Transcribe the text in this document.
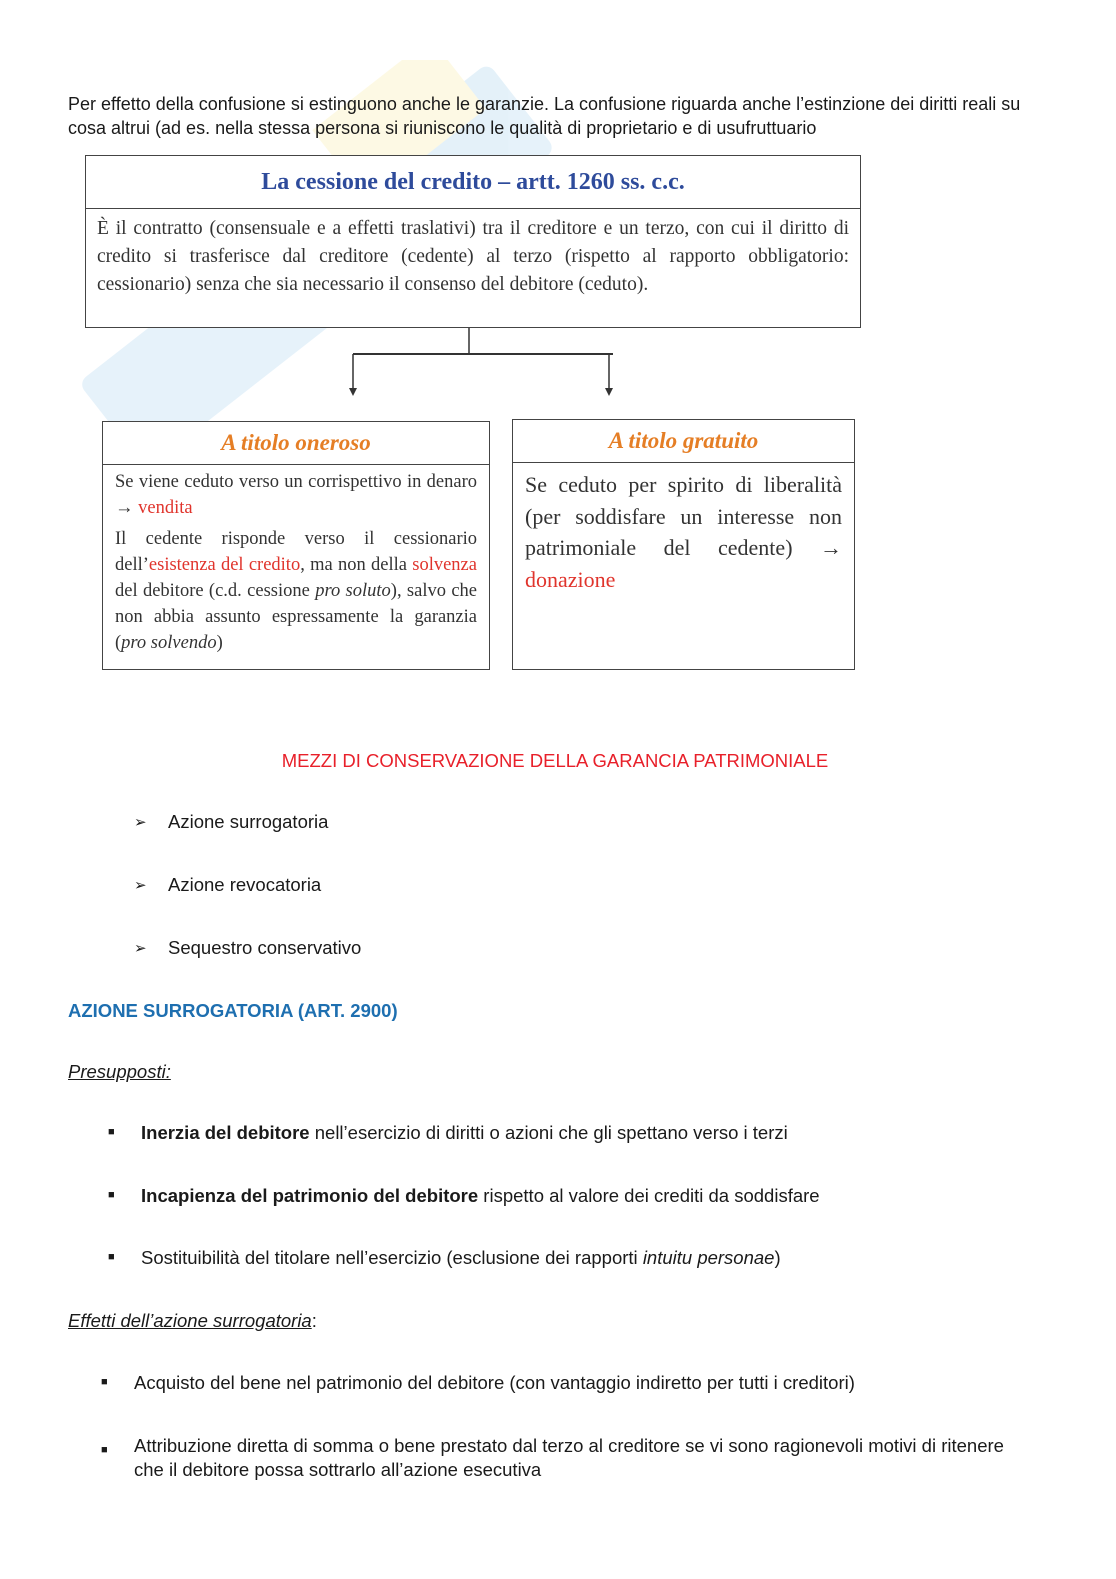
Per effetto della confusione si estinguono anche le garanzie. La confusione riguarda anche l’estinzione dei diritti reali su cosa altrui (ad es. nella stessa persona si riuniscono le qualità di proprietario e di usufruttuario
La cessione del credito – artt. 1260 ss. c.c.
È il contratto (consensuale e a effetti traslativi) tra il creditore e un terzo, con cui il diritto di credito si trasferisce dal creditore (cedente) al terzo (rispetto al rapporto obbligatorio: cessionario) senza che sia necessario il consenso del debitore (ceduto).
A titolo oneroso

Se viene ceduto verso un corrispettivo in denaro → vendita

Il cedente risponde verso il cessionario dell’esistenza del credito, ma non della solvenza del debitore (c.d. cessione pro soluto), salvo che non abbia assunto espressamente la garanzia (pro solvendo)

A titolo gratuito
Se ceduto per spirito di liberalità (per soddisfare un interesse non patrimoniale del cedente) → donazione
MEZZI DI CONSERVAZIONE DELLA GARANCIA PATRIMONIALE
➢	Azione surrogatoria
➢	Azione revocatoria
➢	Sequestro conservativo
AZIONE SURROGATORIA (ART. 2900)
Presupposti:
■	Inerzia del debitore nell’esercizio di diritti o azioni che gli spettano verso i terzi
■	Incapienza del patrimonio del debitore rispetto al valore dei crediti da soddisfare
■	Sostituibilità del titolare nell’esercizio (esclusione dei rapporti intuitu personae)
Effetti dell’azione surrogatoria:
■	Acquisto del bene nel patrimonio del debitore (con vantaggio indiretto per tutti i creditori)
■	Attribuzione diretta di somma o bene prestato dal terzo al creditore se vi sono ragionevoli motivi di ritenere che il debitore possa sottrarlo all’azione esecutiva
